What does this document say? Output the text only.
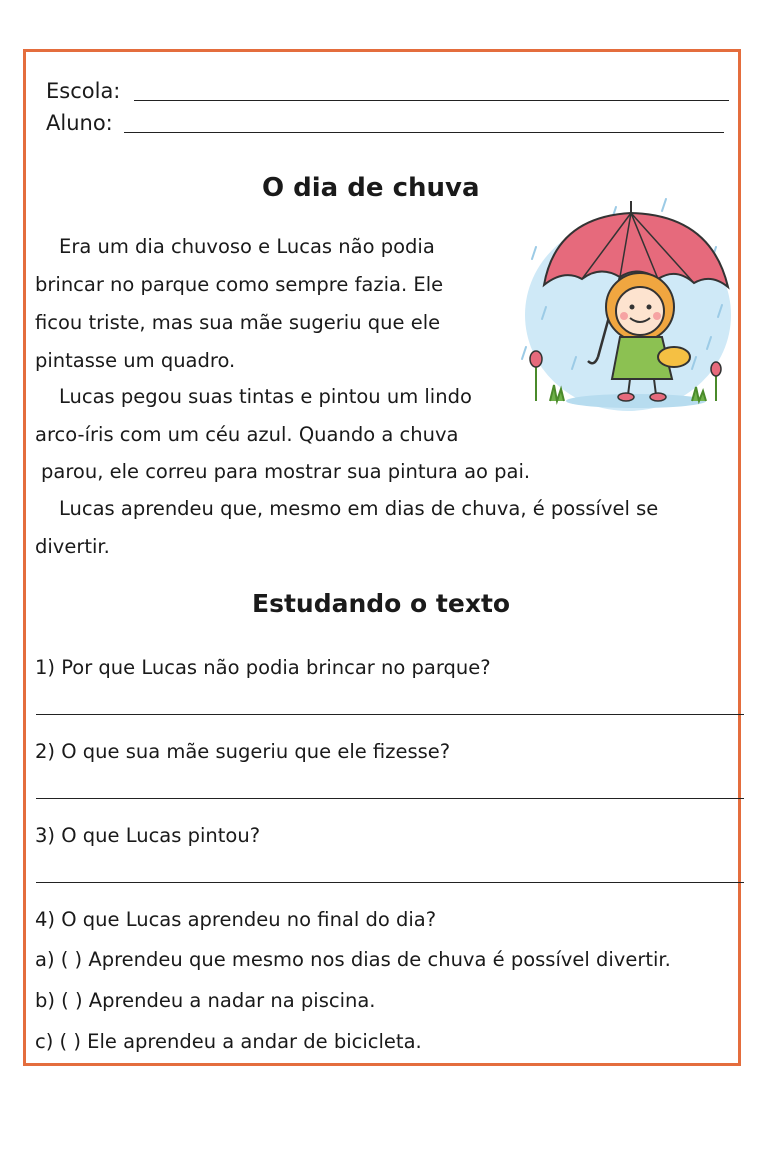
Escola:
Aluno:
O dia de chuva
Era um dia chuvoso e Lucas não podia
brincar no parque como sempre fazia. Ele
ficou triste, mas sua mãe sugeriu que ele
pintasse um quadro.
Lucas pegou suas tintas e pintou um lindo
arco-íris com um céu azul. Quando a chuva
parou, ele correu para mostrar sua pintura ao pai.
Lucas aprendeu que, mesmo em dias de chuva, é possível se
divertir.
Estudando o texto
1) Por que Lucas não podia brincar no parque?
2) O que sua mãe sugeriu que ele fizesse?
3) O que Lucas pintou?
4) O que Lucas aprendeu no final do dia?
a) ( ) Aprendeu que mesmo nos dias de chuva é possível divertir.
b) ( ) Aprendeu a nadar na piscina.
c) ( ) Ele aprendeu a andar de bicicleta.
